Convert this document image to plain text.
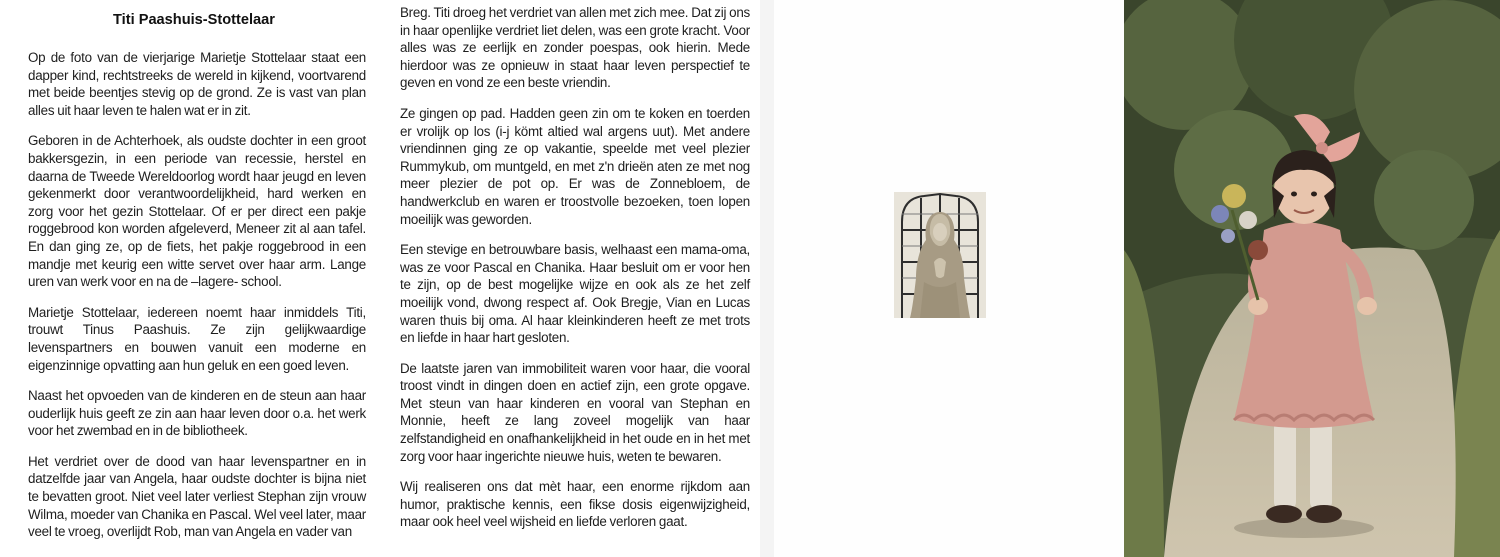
Titi Paashuis-Stottelaar

Op de foto van de vierjarige Marietje Stottelaar staat een dapper kind, rechtstreeks de wereld in kijkend, voortvarend met beide beentjes stevig op de grond. Ze is vast van plan alles uit haar leven te halen wat er in zit.

Geboren in de Achterhoek, als oudste dochter in een groot bakkersgezin, in een periode van recessie, herstel en daarna de Tweede Wereldoorlog wordt haar jeugd en leven gekenmerkt door verantwoordelijkheid, hard werken en zorg voor het gezin Stottelaar. Of er per direct een pakje roggebrood kon worden afgeleverd, Meneer zit al aan tafel. En dan ging ze, op de fiets, het pakje roggebrood in een mandje met keurig een witte servet over haar arm. Lange uren van werk voor en na de –lagere- school.

Marietje Stottelaar, iedereen noemt haar inmiddels Titi, trouwt Tinus Paashuis. Ze zijn gelijkwaardige levenspartners en bouwen vanuit een moderne en eigenzinnige opvatting aan hun geluk en een goed leven.

Naast het opvoeden van de kinderen en de steun aan haar ouderlijk huis geeft ze zin aan haar leven door o.a. het werk voor het zwembad en in de bibliotheek.

Het verdriet over de dood van haar levenspartner en in datzelfde jaar van Angela, haar oudste dochter is bijna niet te bevatten groot. Niet veel later verliest Stephan zijn vrouw Wilma, moeder van Chanika en Pascal. Wel veel later, maar veel te vroeg, overlijdt Rob, man van Angela en vader van

Breg. Titi droeg het verdriet van allen met zich mee. Dat zij ons in haar openlijke verdriet liet delen, was een grote kracht. Voor alles was ze eerlijk en zonder poespas, ook hierin. Mede hierdoor was ze opnieuw in staat haar leven perspectief te geven en vond ze een beste vriendin.

Ze gingen op pad. Hadden geen zin om te koken en toerden er vrolijk op los (i-j kömt altied wal argens uut). Met andere vriendinnen ging ze op vakantie, speelde met veel plezier Rummykub, om muntgeld, en met z'n drieën aten ze met nog meer plezier de pot op. Er was de Zonnebloem, de handwerkclub en waren er troostvolle bezoeken, toen lopen moeilijk was geworden.

Een stevige en betrouwbare basis, welhaast een mama-oma, was ze voor Pascal en Chanika. Haar besluit om er voor hen te zijn, op de best mogelijke wijze en ook als ze het zelf moeilijk vond, dwong respect af. Ook Bregje, Vian en Lucas waren thuis bij oma. Al haar kleinkinderen heeft ze met trots en liefde in haar hart gesloten.

De laatste jaren van immobiliteit waren voor haar, die vooral troost vindt in dingen doen en actief zijn, een grote opgave. Met steun van haar kinderen en vooral van Stephan en Monnie, heeft ze lang zoveel mogelijk van haar zelfstandigheid en onafhankelijkheid in het oude en in het met zorg voor haar ingerichte nieuwe huis, weten te bewaren.

Wij realiseren ons dat mèt haar, een enorme rijkdom aan humor, praktische kennis, een fikse dosis eigenwijzigheid, maar ook heel veel wijsheid en liefde verloren gaat.
